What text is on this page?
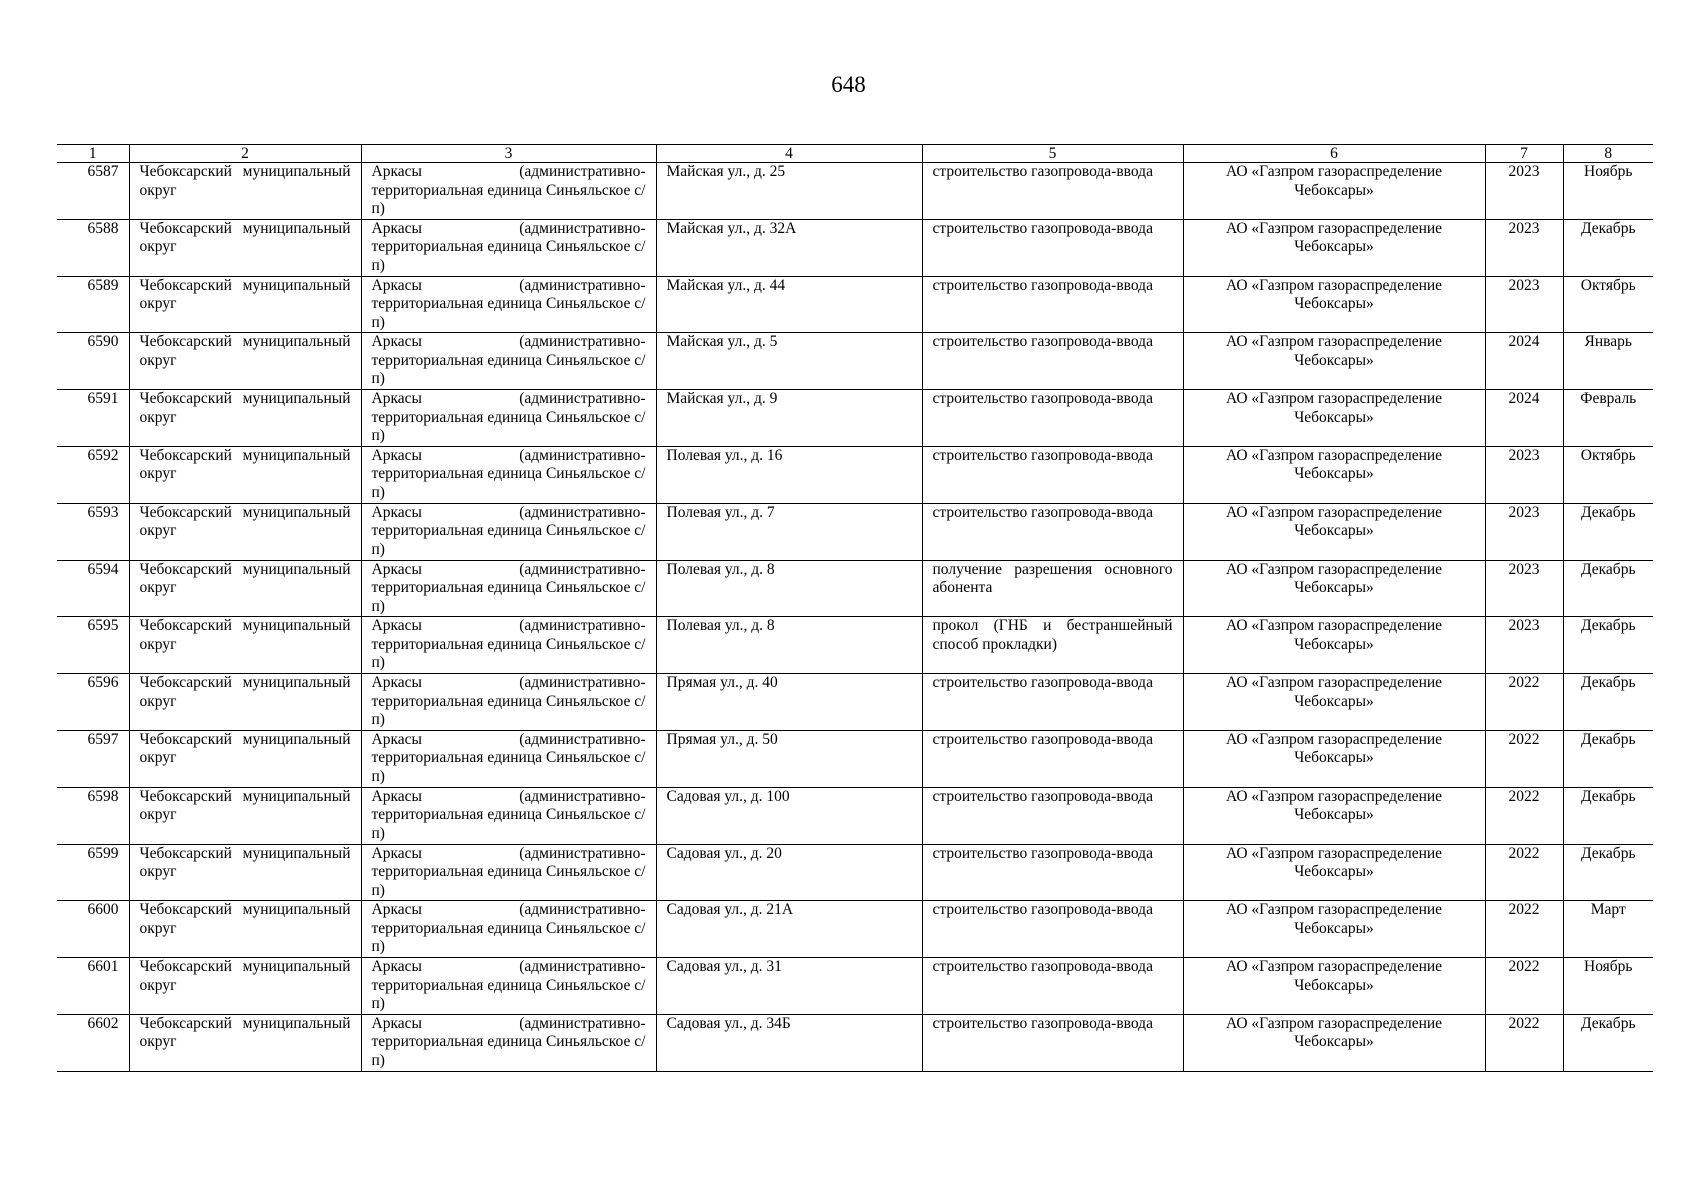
648
1	2	3	4	5	6	7	8
6587	Чебоксарский муниципальный округ	Аркасы (административно-территориальная единица Синьяльское с/п)	Майская ул., д. 25	строительство газопровода-ввода	АО «Газпром газораспределение Чебоксары»	2023	Ноябрь
6588	Чебоксарский муниципальный округ	Аркасы (административно-территориальная единица Синьяльское с/п)	Майская ул., д. 32А	строительство газопровода-ввода	АО «Газпром газораспределение Чебоксары»	2023	Декабрь
6589	Чебоксарский муниципальный округ	Аркасы (административно-территориальная единица Синьяльское с/п)	Майская ул., д. 44	строительство газопровода-ввода	АО «Газпром газораспределение Чебоксары»	2023	Октябрь
6590	Чебоксарский муниципальный округ	Аркасы (административно-территориальная единица Синьяльское с/п)	Майская ул., д. 5	строительство газопровода-ввода	АО «Газпром газораспределение Чебоксары»	2024	Январь
6591	Чебоксарский муниципальный округ	Аркасы (административно-территориальная единица Синьяльское с/п)	Майская ул., д. 9	строительство газопровода-ввода	АО «Газпром газораспределение Чебоксары»	2024	Февраль
6592	Чебоксарский муниципальный округ	Аркасы (административно-территориальная единица Синьяльское с/п)	Полевая ул., д. 16	строительство газопровода-ввода	АО «Газпром газораспределение Чебоксары»	2023	Октябрь
6593	Чебоксарский муниципальный округ	Аркасы (административно-территориальная единица Синьяльское с/п)	Полевая ул., д. 7	строительство газопровода-ввода	АО «Газпром газораспределение Чебоксары»	2023	Декабрь
6594	Чебоксарский муниципальный округ	Аркасы (административно-территориальная единица Синьяльское с/п)	Полевая ул., д. 8	получение разрешения основного абонента	АО «Газпром газораспределение Чебоксары»	2023	Декабрь
6595	Чебоксарский муниципальный округ	Аркасы (административно-территориальная единица Синьяльское с/п)	Полевая ул., д. 8	прокол (ГНБ и бестраншейный способ прокладки)	АО «Газпром газораспределение Чебоксары»	2023	Декабрь
6596	Чебоксарский муниципальный округ	Аркасы (административно-территориальная единица Синьяльское с/п)	Прямая ул., д. 40	строительство газопровода-ввода	АО «Газпром газораспределение Чебоксары»	2022	Декабрь
6597	Чебоксарский муниципальный округ	Аркасы (административно-территориальная единица Синьяльское с/п)	Прямая ул., д. 50	строительство газопровода-ввода	АО «Газпром газораспределение Чебоксары»	2022	Декабрь
6598	Чебоксарский муниципальный округ	Аркасы (административно-территориальная единица Синьяльское с/п)	Садовая ул., д. 100	строительство газопровода-ввода	АО «Газпром газораспределение Чебоксары»	2022	Декабрь
6599	Чебоксарский муниципальный округ	Аркасы (административно-территориальная единица Синьяльское с/п)	Садовая ул., д. 20	строительство газопровода-ввода	АО «Газпром газораспределение Чебоксары»	2022	Декабрь
6600	Чебоксарский муниципальный округ	Аркасы (административно-территориальная единица Синьяльское с/п)	Садовая ул., д. 21А	строительство газопровода-ввода	АО «Газпром газораспределение Чебоксары»	2022	Март
6601	Чебоксарский муниципальный округ	Аркасы (административно-территориальная единица Синьяльское с/п)	Садовая ул., д. 31	строительство газопровода-ввода	АО «Газпром газораспределение Чебоксары»	2022	Ноябрь
6602	Чебоксарский муниципальный округ	Аркасы (административно-территориальная единица Синьяльское с/п)	Садовая ул., д. 34Б	строительство газопровода-ввода	АО «Газпром газораспределение Чебоксары»	2022	Декабрь
